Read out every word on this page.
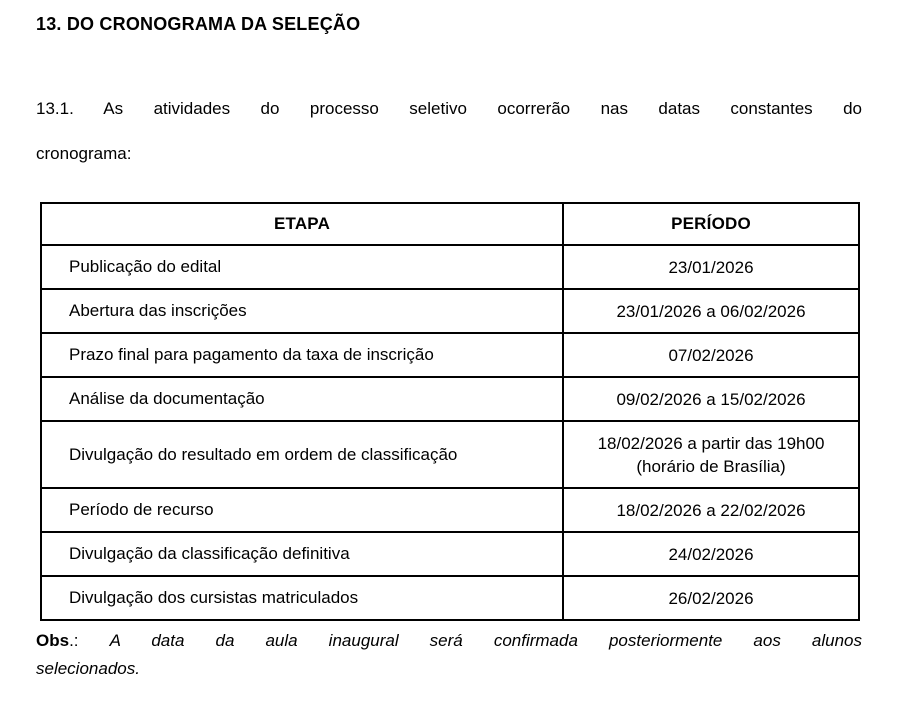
13. DO CRONOGRAMA DA SELEÇÃO
13.1. As atividades do processo seletivo ocorrerão nas datas constantes do
cronograma:
ETAPA	PERÍODO
Publicação do edital	23/01/2026
Abertura das inscrições	23/01/2026 a 06/02/2026
Prazo final para pagamento da taxa de inscrição	07/02/2026
Análise da documentação	09/02/2026 a 15/02/2026
Divulgação do resultado em ordem de classificação	18/02/2026 a partir das 19h00 (horário de Brasília)
Período de recurso	18/02/2026 a 22/02/2026
Divulgação da classificação definitiva	24/02/2026
Divulgação dos cursistas matriculados	26/02/2026
Obs.: A data da aula inaugural será confirmada posteriormente aos alunos
selecionados.
